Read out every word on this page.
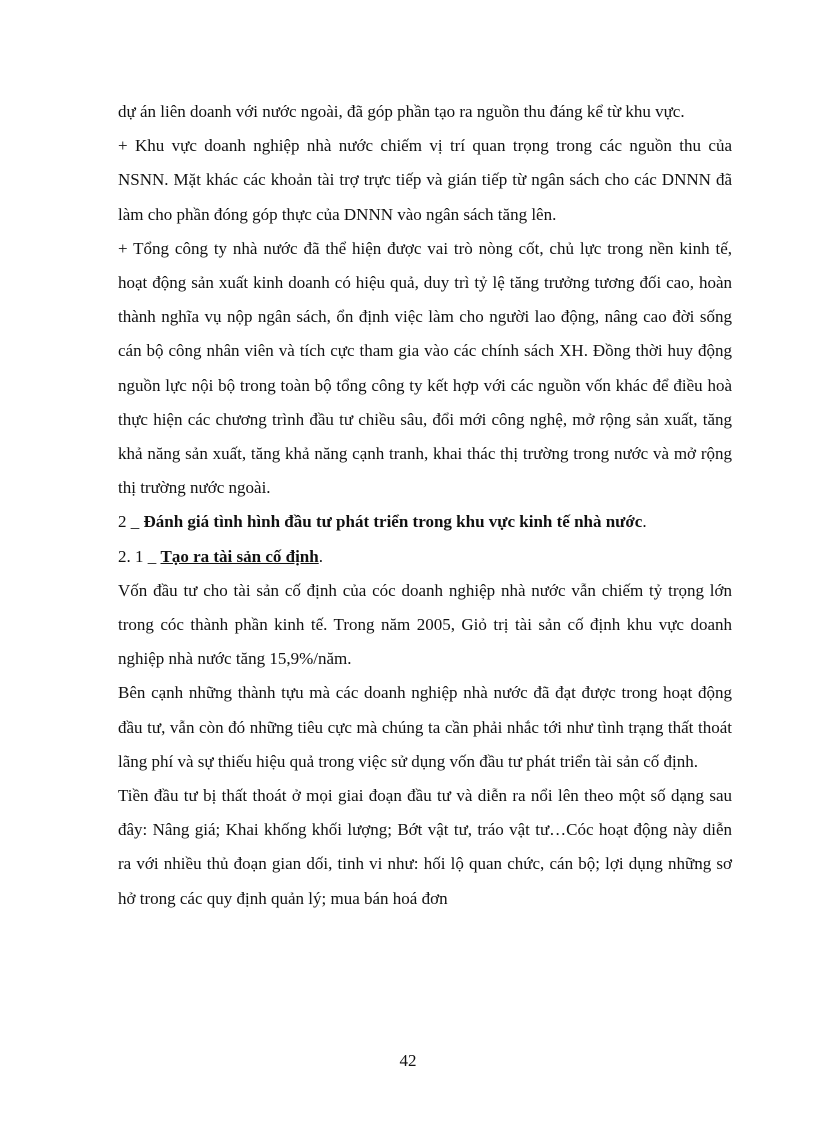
dự án liên doanh với nước ngoài, đã góp phần tạo ra nguồn thu đáng kể từ khu vực.

+ Khu vực doanh nghiệp nhà nước chiếm vị trí quan trọng trong các nguồn thu của NSNN. Mặt khác các khoản tài trợ trực tiếp và gián tiếp từ ngân sách cho các DNNN đã làm cho phần đóng góp thực của DNNN vào ngân sách tăng lên.

+ Tổng công ty nhà nước đã thể hiện được vai trò nòng cốt, chủ lực trong nền kinh tế, hoạt động sản xuất kinh doanh có hiệu quả, duy trì tỷ lệ tăng trưởng tương đối cao, hoàn thành nghĩa vụ nộp ngân sách, ổn định việc làm cho người lao động, nâng cao đời sống cán bộ công nhân viên và tích cực tham gia vào các chính sách XH. Đồng thời huy động nguồn lực nội bộ trong toàn bộ tổng công ty kết hợp với các nguồn vốn khác để điều hoà thực hiện các chương trình đầu tư chiều sâu, đổi mới công nghệ, mở rộng sản xuất, tăng khả năng sản xuất, tăng khả năng cạnh tranh, khai thác thị trường trong nước và mở rộng thị trường nước ngoài.

2 _ Đánh giá tình hình đầu tư phát triển trong khu vực kinh tế nhà nước.

2. 1 _ Tạo ra tài sản cố định.

Vốn đầu tư cho tài sản cố định của cóc doanh nghiệp nhà nước vẫn chiếm tỷ trọng lớn trong cóc thành phần kinh tế. Trong năm 2005, Giỏ trị tài sản cố định khu vực doanh nghiệp nhà nước tăng 15,9%/năm.

Bên cạnh những thành tựu mà các doanh nghiệp nhà nước đã đạt được trong hoạt động đầu tư, vẫn còn đó những tiêu cực mà chúng ta cần phải nhắc tới như tình trạng thất thoát lãng phí và sự thiếu hiệu quả trong việc sử dụng vốn đầu tư phát triển tài sản cố định.

Tiền đầu tư bị thất thoát ở mọi giai đoạn đầu tư và diễn ra nổi lên theo một số dạng sau đây: Nâng giá; Khai khống khối lượng; Bớt vật tư, tráo vật tư…Cóc hoạt động này diễn ra với nhiều thủ đoạn gian dối, tinh vi như: hối lộ quan chức, cán bộ; lợi dụng những sơ hở trong các quy định quản lý; mua bán hoá đơn

42
